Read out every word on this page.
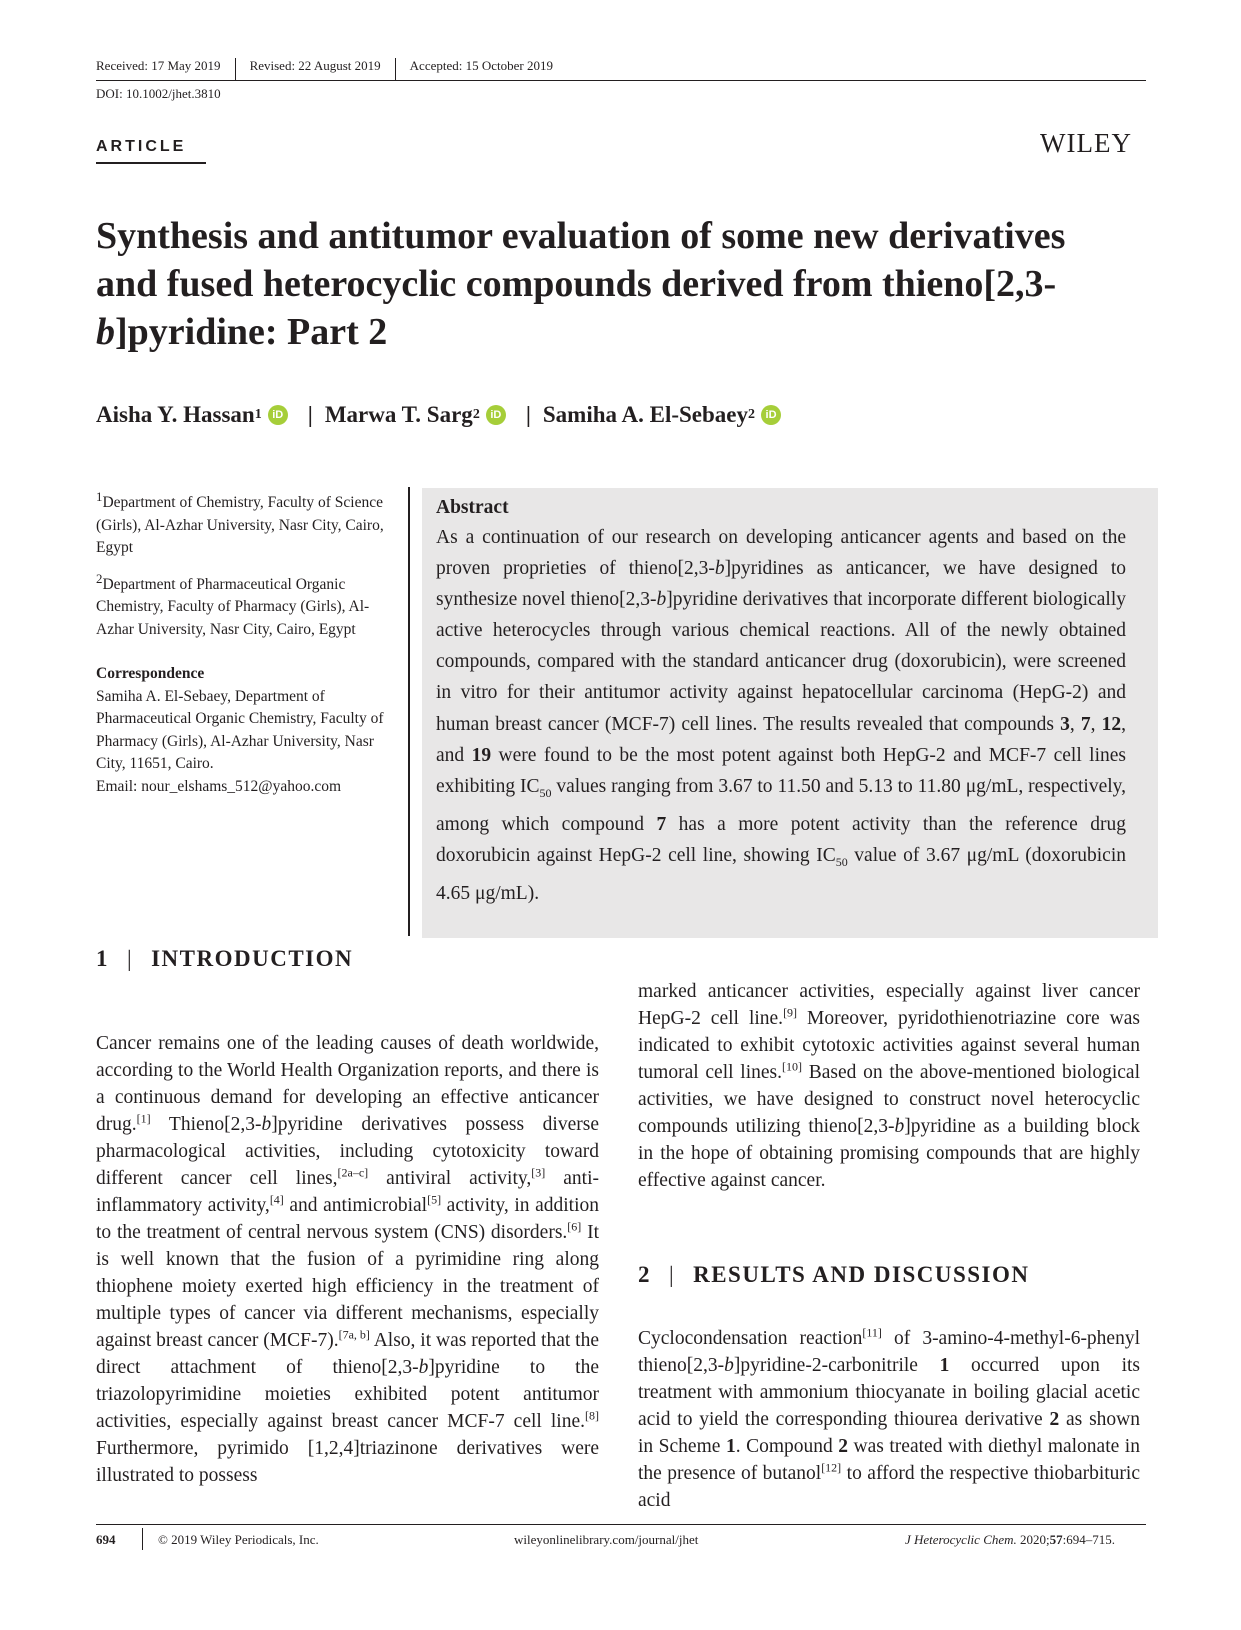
Received: 17 May 2019	Revised: 22 August 2019	Accepted: 15 October 2019
DOI: 10.1002/jhet.3810
ARTICLE	WILEY
Synthesis and antitumor evaluation of some new derivatives
and fused heterocyclic compounds derived from thieno[2,3-
b]pyridine: Part 2
Aisha Y. Hassan 1 iD | Marwa T. Sarg 2 iD | Samiha A. El-Sebaey 2 iD

$^1$Department of Chemistry, Faculty of Science (Girls), Al-Azhar University, Nasr City, Cairo, Egypt

$^2$Department of Pharmaceutical Organic Chemistry, Faculty of Pharmacy (Girls), Al-Azhar University, Nasr City, Cairo, Egypt

Correspondence

Samiha A. El-Sebaey, Department of Pharmaceutical Organic Chemistry, Faculty of Pharmacy (Girls), Al-Azhar University, Nasr City, 11651, Cairo.
Email: nour_elshams_512@yahoo.com
Abstract
As a continuation of our research on developing anticancer agents and based on the proven proprieties of thieno[2,3-b]pyridines as anticancer, we have designed to synthesize novel thieno[2,3-b]pyridine derivatives that incorporate different biologically active heterocycles through various chemical reactions. All of the newly obtained compounds, compared with the standard anticancer drug (doxorubicin), were screened in vitro for their antitumor activity against hepatocellular carcinoma (HepG-2) and human breast cancer (MCF-7) cell lines. The results revealed that compounds 3, 7, 12, and 19 were found to be the most potent against both HepG-2 and MCF-7 cell lines exhibiting $IC_{50}$ values ranging from 3.67 to 11.50 and 5.13 to 11.80 μg/mL, respectively, among which compound 7 has a more potent activity than the reference drug doxorubicin against HepG-2 cell line, showing $IC_{50}$ value of 3.67 μg/mL (doxorubicin 4.65 μg/mL).
1 | INTRODUCTION
Cancer remains one of the leading causes of death worldwide, according to the World Health Organization reports, and there is a continuous demand for developing an effective anticancer drug.[1] Thieno[2,3-b]pyridine derivatives possess diverse pharmacological activities, including cytotoxicity toward different cancer cell lines,[2a–c] antiviral activity,[3] anti-inflammatory activity,[4] and antimicrobial[5] activity, in addition to the treatment of central nervous system (CNS) disorders.[6] It is well known that the fusion of a pyrimidine ring along thiophene moiety exerted high efficiency in the treatment of multiple types of cancer via different mechanisms, especially against breast cancer (MCF-7).[7a, b] Also, it was reported that the direct attachment of thieno[2,3-b]pyridine to the triazolopyrimidine moieties exhibited potent antitumor activities, especially against breast cancer MCF-7 cell line.[8] Furthermore, pyrimido [1,2,4]triazinone derivatives were illustrated to possess
marked anticancer activities, especially against liver cancer HepG-2 cell line.[9] Moreover, pyridothienotriazine core was indicated to exhibit cytotoxic activities against several human tumoral cell lines.[10] Based on the above-mentioned biological activities, we have designed to construct novel heterocyclic compounds utilizing thieno[2,3-b]pyridine as a building block in the hope of obtaining promising compounds that are highly effective against cancer.
2 | RESULTS AND DISCUSSION
Cyclocondensation reaction[11] of 3-amino-4-methyl-6-phenyl thieno[2,3-b]pyridine-2-carbonitrile 1 occurred upon its treatment with ammonium thiocyanate in boiling glacial acetic acid to yield the corresponding thiourea derivative 2 as shown in Scheme 1. Compound 2 was treated with diethyl malonate in the presence of butanol[12] to afford the respective thiobarbituric acid
694	© 2019 Wiley Periodicals, Inc.	wileyonlinelibrary.com/journal/jhet	J Heterocyclic Chem. 2020;57:694–715.
